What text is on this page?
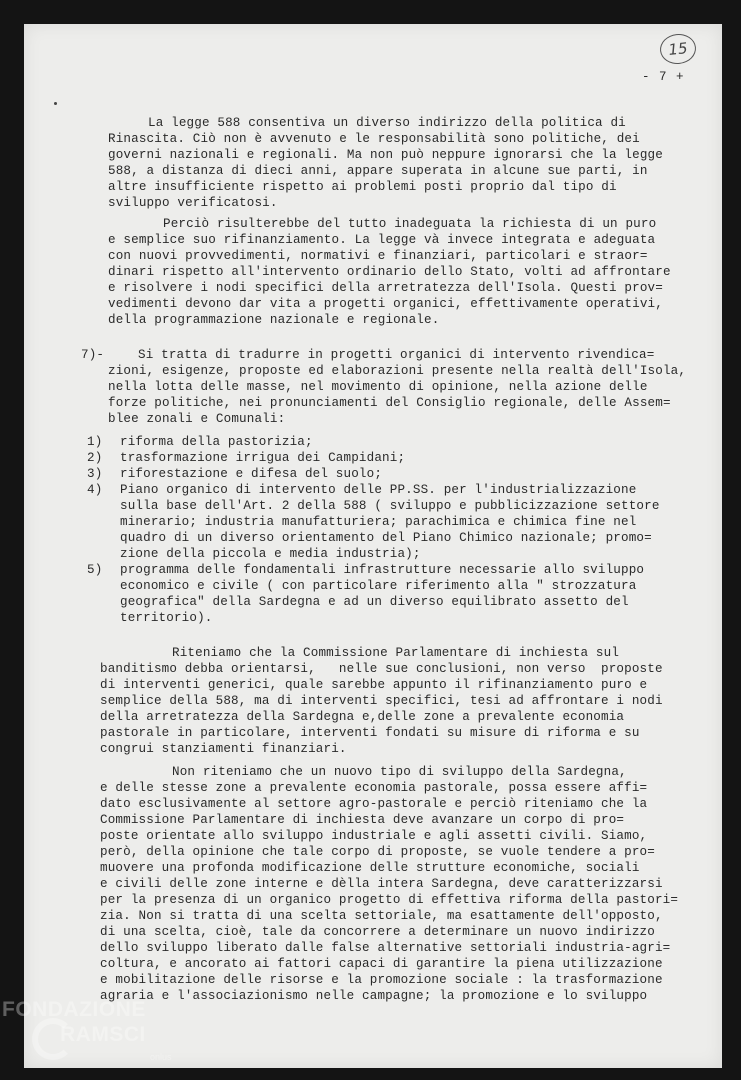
15
- 7 +
La legge 588 consentiva un diverso indirizzo della politica di
Rinascita. Ciò non è avvenuto e le responsabilità sono politiche, dei
governi nazionali e regionali. Ma non può neppure ignorarsi che la legge
588, a distanza di dieci anni, appare superata in alcune sue parti, in
altre insufficiente rispetto ai problemi posti proprio dal tipo di
sviluppo verificatosi.
Perciò risulterebbe del tutto inadeguata la richiesta di un puro
e semplice suo rifinanziamento. La legge và invece integrata e adeguata
con nuovi provvedimenti, normativi e finanziari, particolari e straor=
dinari rispetto all'intervento ordinario dello Stato, volti ad affrontare
e risolvere i nodi specifici della arretratezza dell'Isola. Questi prov=
vedimenti devono dar vita a progetti organici, effettivamente operativi,
della programmazione nazionale e regionale.
7)-	Si tratta di tradurre in progetti organici di intervento rivendica=
zioni, esigenze, proposte ed elaborazioni presente nella realtà dell'Isola,
nella lotta delle masse, nel movimento di opinione, nella azione delle
forze politiche, nei pronunciamenti del Consiglio regionale, delle Assem=
blee zonali e Comunali:
1) riforma della pastorizia;
2) trasformazione irrigua dei Campidani;
3) riforestazione e difesa del suolo;
4) Piano organico di intervento delle PP.SS. per l'industrializzazione
sulla base dell'Art. 2 della 588 ( sviluppo e pubblicizzazione settore
minerario; industria manufatturiera; parachimica e chimica fine nel
quadro di un diverso orientamento del Piano Chimico nazionale; promo=
zione della piccola e media industria);
5) programma delle fondamentali infrastrutture necessarie allo sviluppo
economico e civile ( con particolare riferimento alla " strozzatura
geografica" della Sardegna e ad un diverso equilibrato assetto del
territorio).
Riteniamo che la Commissione Parlamentare di inchiesta sul
banditismo debba orientarsi,   nelle sue conclusioni, non verso  proposte
di interventi generici, quale sarebbe appunto il rifinanziamento puro e
semplice della 588, ma di interventi specifici, tesi ad affrontare i nodi
della arretratezza della Sardegna e,delle zone a prevalente economia
pastorale in particolare, interventi fondati su misure di riforma e su
congrui stanziamenti finanziari.
Non riteniamo che un nuovo tipo di sviluppo della Sardegna,
e delle stesse zone a prevalente economia pastorale, possa essere affi=
dato esclusivamente al settore agro-pastorale e perciò riteniamo che la
Commissione Parlamentare di inchiesta deve avanzare un corpo di pro=
poste orientate allo sviluppo industriale e agli assetti civili. Siamo,
però, della opinione che tale corpo di proposte, se vuole tendere a pro=
muovere una profonda modificazione delle strutture economiche, sociali
e civili delle zone interne e dèlla intera Sardegna, deve caratterizzarsi
per la presenza di un organico progetto di effettiva riforma della pastori=
zia. Non si tratta di una scelta settoriale, ma esattamente dell'opposto,
di una scelta, cioè, tale da concorrere a determinare un nuovo indirizzo
dello sviluppo liberato dalle false alternative settoriali industria-agri=
coltura, e ancorato ai fattori capaci di garantire la piena utilizzazione
e mobilitazione delle risorse e la promozione sociale : la trasformazione
agraria e l'associazionismo nelle campagne; la promozione e lo sviluppo
FONDAZIONE
RAMSCI
onlus
